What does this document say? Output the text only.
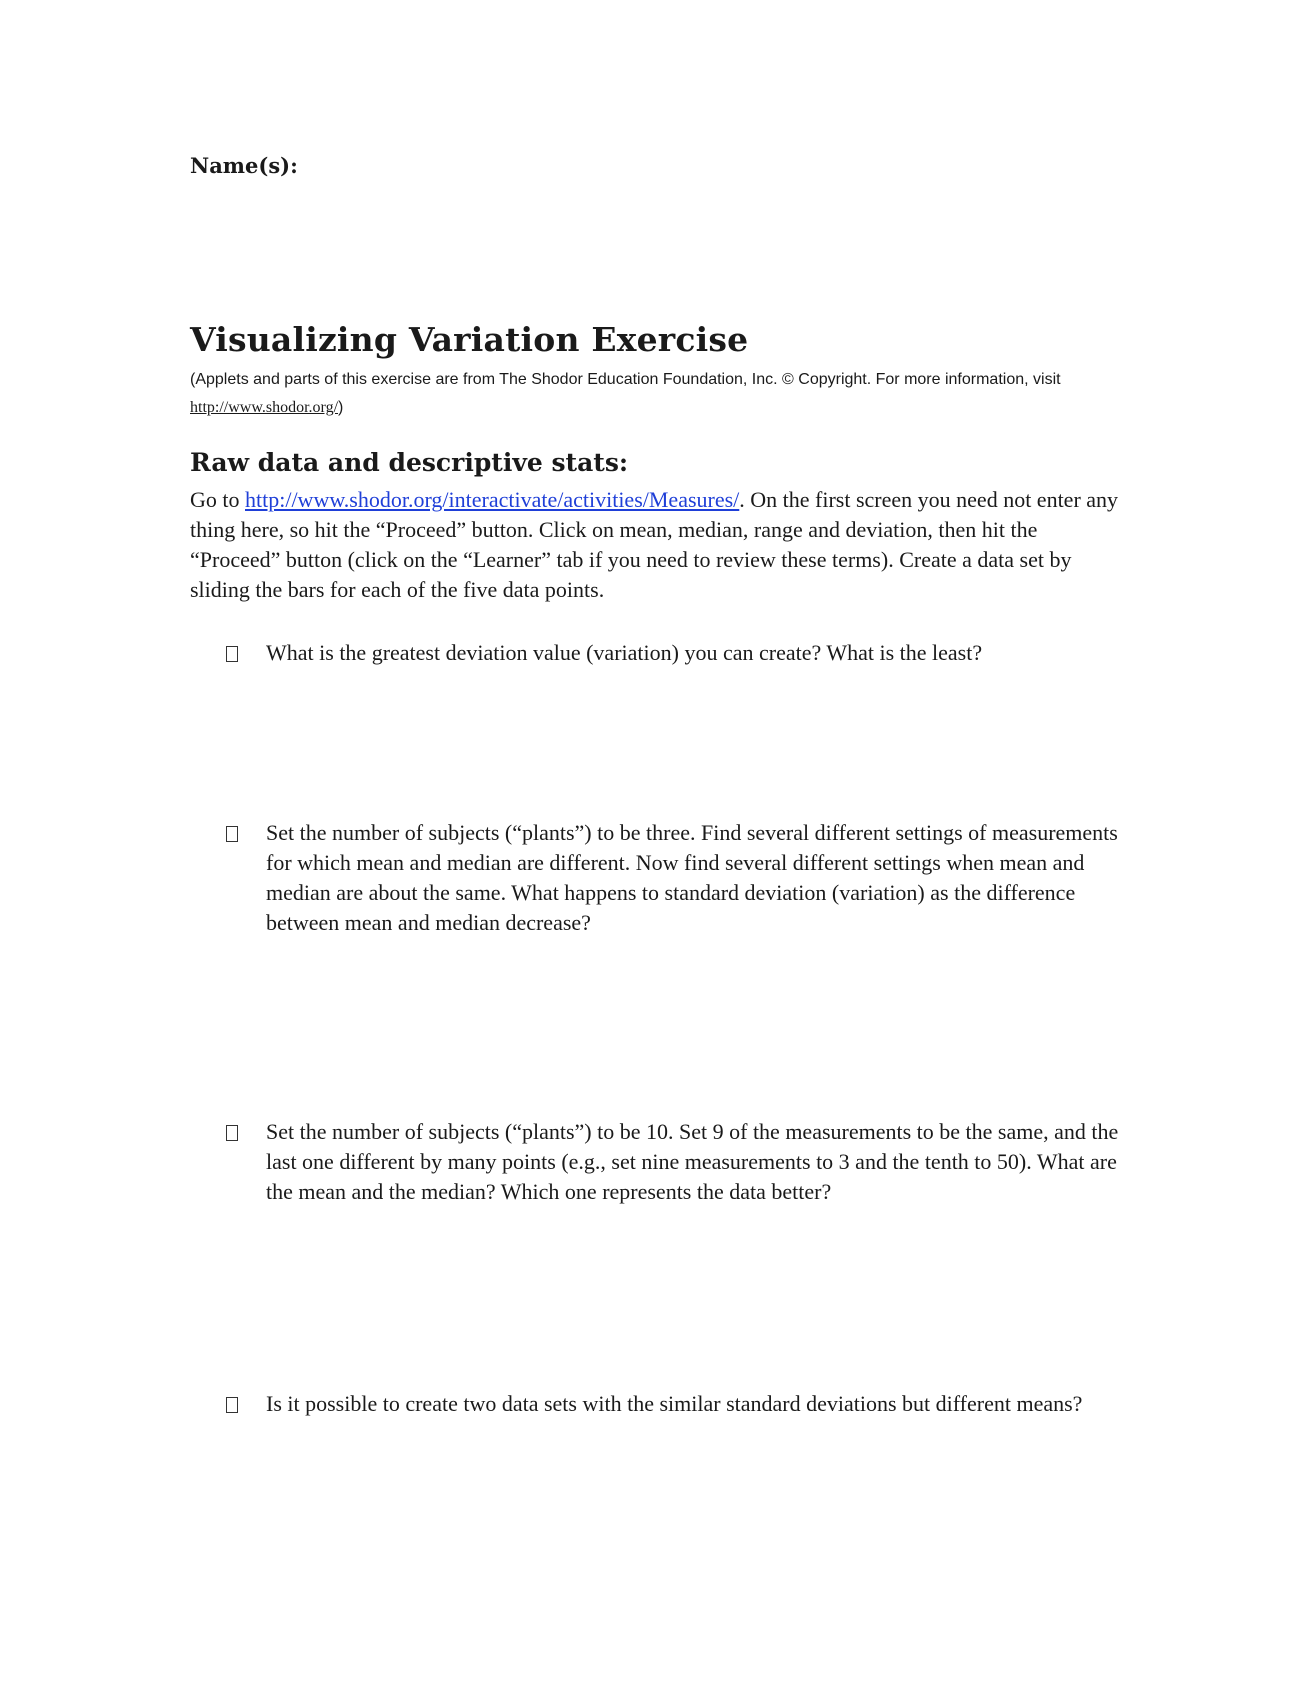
Name(s):

Visualizing Variation Exercise

(Applets and parts of this exercise are from The Shodor Education Foundation, Inc. © Copyright. For more information, visit http://www.shodor.org/)

Raw data and descriptive stats:

Go to http://www.shodor.org/interactivate/activities/Measures/. On the first screen you need not enter any thing here, so hit the “Proceed” button. Click on mean, median, range and deviation, then hit the “Proceed” button (click on the “Learner” tab if you need to review these terms). Create a data set by sliding the bars for each of the five data points.

What is the greatest deviation value (variation) you can create? What is the least?
Set the number of subjects (“plants”) to be three. Find several different settings of measurements for which mean and median are different. Now find several different settings when mean and median are about the same. What happens to standard deviation (variation) as the difference between mean and median decrease?
Set the number of subjects (“plants”) to be 10. Set 9 of the measurements to be the same, and the last one different by many points (e.g., set nine measurements to 3 and the tenth to 50). What are the mean and the median? Which one represents the data better?
Is it possible to create two data sets with the similar standard deviations but different means?
